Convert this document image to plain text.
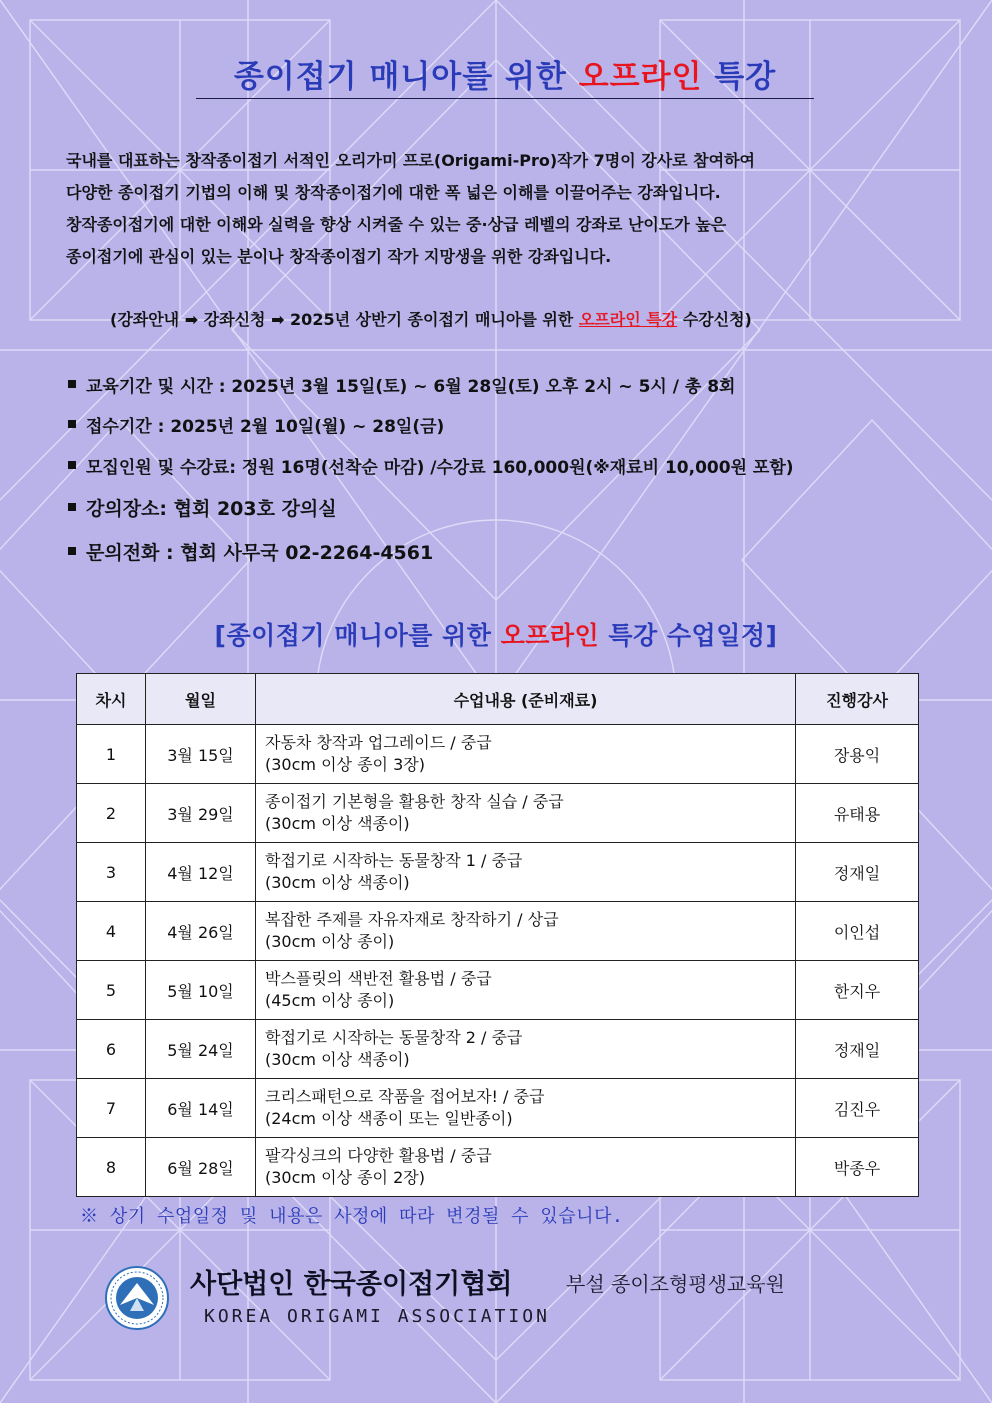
종이접기 매니아를 위한 오프라인 특강

국내를 대표하는 창작종이접기 서적인 오리가미 프로(Origami-Pro)작가 7명이 강사로 참여하여

다양한 종이접기 기법의 이해 및 창작종이접기에 대한 폭 넓은 이해를 이끌어주는 강좌입니다.

창작종이접기에 대한 이해와 실력을 향상 시켜줄 수 있는 중·상급 레벨의 강좌로 난이도가 높은

종이접기에 관심이 있는 분이나 창작종이접기 작가 지망생을 위한 강좌입니다.

(강좌안내 ➡ 강좌신청 ➡ 2025년 상반기 종이접기 매니아를 위한 오프라인 특강 수강신청)
교육기간 및 시간 : 2025년 3월 15일(토) ~ 6월 28일(토) 오후 2시 ~ 5시 / 총 8회
접수기간 : 2025년 2월 10일(월) ~ 28일(금)
모집인원 및 수강료: 정원 16명(선착순 마감) /수강료 160,000원(※재료비 10,000원 포함)
강의장소: 협회 203호 강의실
문의전화 : 협회 사무국 02-2264-4561
[종이접기 매니아를 위한 오프라인 특강 수업일정]
차시	월일	수업내용 (준비재료)	진행강사
1	3월 15일	자동차 창작과 업그레이드 / 중급
(30cm 이상 종이 3장)	장용익
2	3월 29일	종이접기 기본형을 활용한 창작 실습 / 중급
(30cm 이상 색종이)	유태용
3	4월 12일	학접기로 시작하는 동물창작 1 / 중급
(30cm 이상 색종이)	정재일
4	4월 26일	복잡한 주제를 자유자재로 창작하기 / 상급
(30cm 이상 종이)	이인섭
5	5월 10일	박스플릿의 색반전 활용법 / 중급
(45cm 이상 종이)	한지우
6	5월 24일	학접기로 시작하는 동물창작 2 / 중급
(30cm 이상 색종이)	정재일
7	6월 14일	크리스패턴으로 작품을 접어보자! / 중급
(24cm 이상 색종이 또는 일반종이)	김진우
8	6월 28일	팔각싱크의 다양한 활용법 / 중급
(30cm 이상 종이 2장)	박종우
※ 상기 수업일정 및 내용은 사정에 따라 변경될 수 있습니다.
사단법인 한국종이접기협회	부설 종이조형평생교육원
KOREA ORIGAMI ASSOCIATION
